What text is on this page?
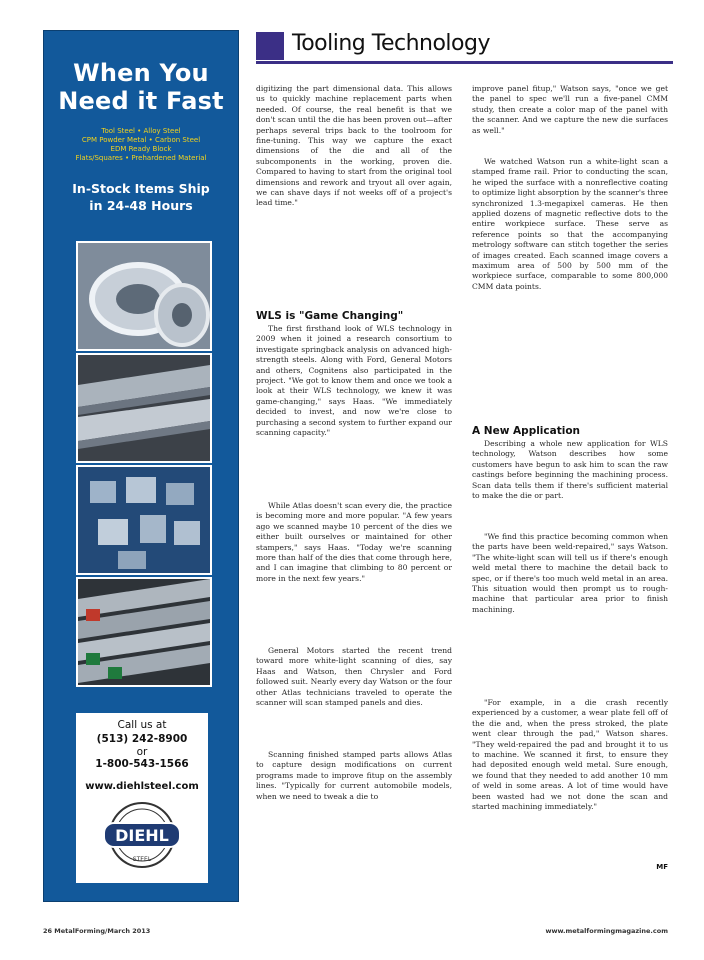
When You
Need it Fast
Tool Steel • Alloy Steel
CPM Powder Metal • Carbon Steel
EDM Ready Block
Flats/Squares • Prehardened Material
In-Stock Items Ship
in 24-48 Hours
Call us at
(513) 242-8900
or
1-800-543-1566
www.diehlsteel.com
DIEHL
STEEL
Tooling Technology

digitizing the part dimensional data. This allows us to quickly machine replacement parts when needed. Of course, the real benefit is that we don't scan until the die has been proven out—after perhaps several trips back to the toolroom for fine-tuning. This way we capture the exact dimensions of the die and all of the subcomponents in the working, proven die. Compared to having to start from the original tool dimensions and rework and tryout all over again, we can shave days if not weeks off of a project's lead time."

WLS is "Game Changing"

The first firsthand look of WLS technology in 2009 when it joined a research consortium to investigate springback analysis on advanced high-strength steels. Along with Ford, General Motors and others, Cognitens also participated in the project. "We got to know them and once we took a look at their WLS technology, we knew it was game-changing," says Haas. "We immediately decided to invest, and now we're close to purchasing a second system to further expand our scanning capacity."

While Atlas doesn't scan every die, the practice is becoming more and more popular. "A few years ago we scanned maybe 10 percent of the dies we either built ourselves or maintained for other stampers," says Haas. "Today we're scanning more than half of the dies that come through here, and I can imagine that climbing to 80 percent or more in the next few years."

General Motors started the recent trend toward more white-light scanning of dies, say Haas and Watson, then Chrysler and Ford followed suit. Nearly every day Watson or the four other Atlas technicians traveled to operate the scanner will scan stamped panels and dies.

Scanning finished stamped parts allows Atlas to capture design modifications on current programs made to improve fitup on the assembly lines. "Typically for current automobile models, when we need to tweak a die to

improve panel fitup," Watson says, "once we get the panel to spec we'll run a five-panel CMM study, then create a color map of the panel with the scanner. And we capture the new die surfaces as well."

We watched Watson run a white-light scan a stamped frame rail. Prior to conducting the scan, he wiped the surface with a nonreflective coating to optimize light absorption by the scanner's three synchronized 1.3-megapixel cameras. He then applied dozens of magnetic reflective dots to the entire workpiece surface. These serve as reference points so that the accompanying metrology software can stitch together the series of images created. Each scanned image covers a maximum area of 500 by 500 mm of the workpiece surface, comparable to some 800,000 CMM data points.

A New Application

Describing a whole new application for WLS technology, Watson describes how some customers have begun to ask him to scan the raw castings before beginning the machining process. Scan data tells them if there's sufficient material to make the die or part.

"We find this practice becoming common when the parts have been weld-repaired," says Watson. "The white-light scan will tell us if there's enough weld metal there to machine the detail back to spec, or if there's too much weld metal in an area. This situation would then prompt us to rough-machine that particular area prior to finish machining.

"For example, in a die crash recently experienced by a customer, a wear plate fell off of the die and, when the press stroked, the plate went clear through the pad," Watson shares. "They weld-repaired the pad and brought it to us to machine. We scanned it first, to ensure they had deposited enough weld metal. Sure enough, we found that they needed to add another 10 mm of weld in some areas. A lot of time would have been wasted had we not done the scan and started machining immediately."

MF
26 MetalForming/March 2013	www.metalformingmagazine.com
